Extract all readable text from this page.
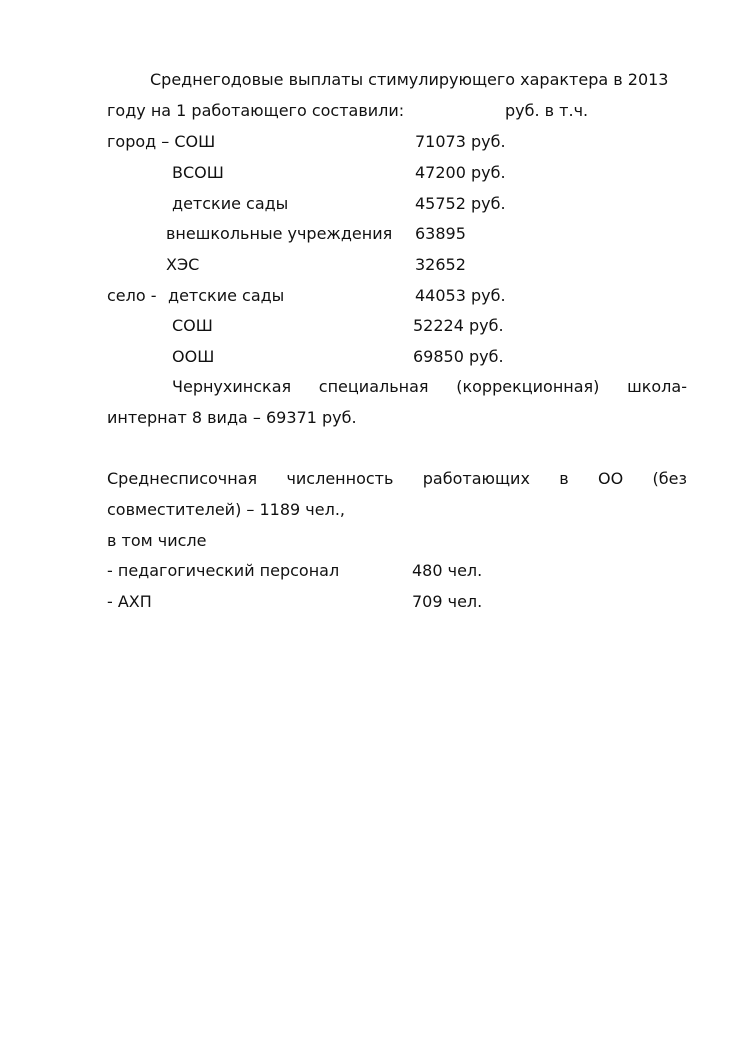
Среднегодовые выплаты стимулирующего характера в 2013
году на 1 работающего составили:	руб. в т.ч.
город – СОШ	71073 руб.
ВСОШ	47200 руб.
детские сады	45752 руб.
внешкольные учреждения 63895
ХЭС	32652
село - детские сады	44053 руб.
СОШ	52224 руб.
ООШ	69850 руб.
Чернухинская специальная (коррекционная) школа-
интернат 8 вида – 69371 руб.
Среднесписочная численность работающих в ОО (без
совместителей) – 1189 чел.,
в том числе
- педагогический персонал	480 чел.
- АХП	709 чел.
